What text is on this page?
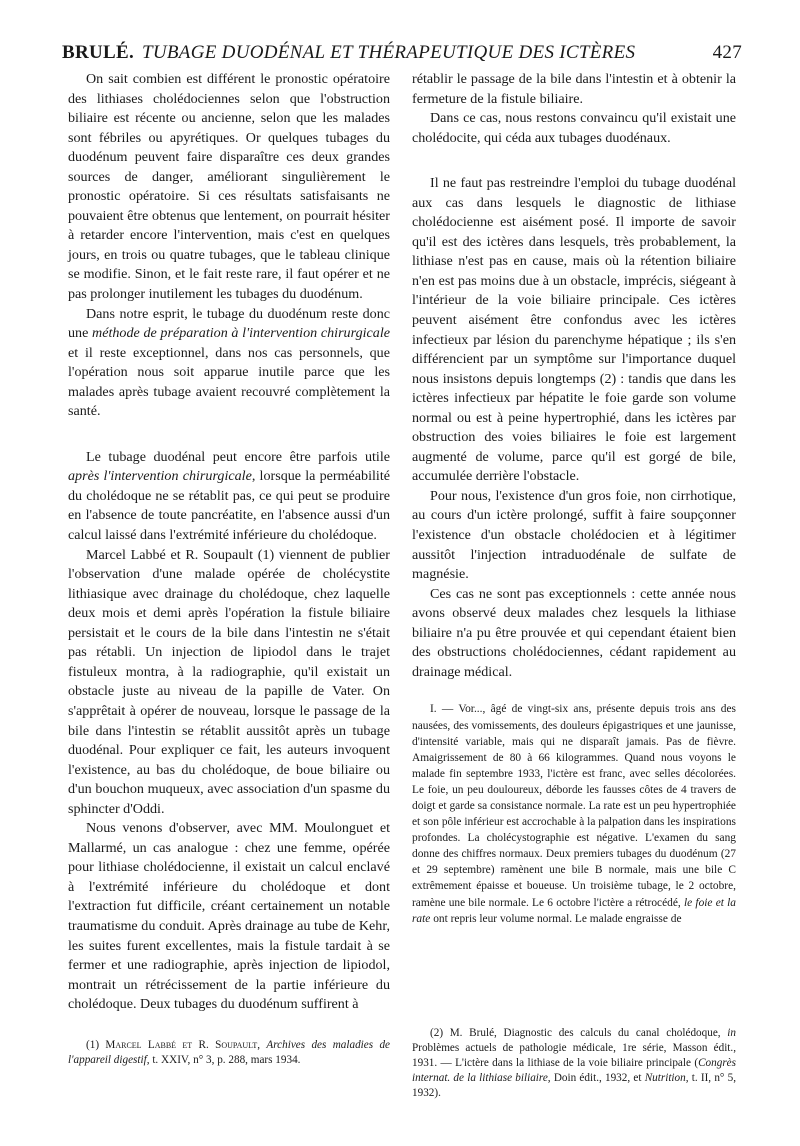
BRULÉ. TUBAGE DUODÉNAL ET THÉRAPEUTIQUE DES ICTÈRES	427

On sait combien est différent le pronostic opératoire des lithiases cholédociennes selon que l'obstruction biliaire est récente ou ancienne, selon que les malades sont fébriles ou apyrétiques. Or quelques tubages du duodénum peuvent faire disparaître ces deux grandes sources de danger, améliorant singulièrement le pronostic opératoire. Si ces résultats satisfaisants ne pouvaient être obtenus que lentement, on pourrait hésiter à retarder encore l'intervention, mais c'est en quelques jours, en trois ou quatre tubages, que le tableau clinique se modifie. Sinon, et le fait reste rare, il faut opérer et ne pas prolonger inutilement les tubages du duodénum.

Dans notre esprit, le tubage du duodénum reste donc une méthode de préparation à l'intervention chirurgicale et il reste exceptionnel, dans nos cas personnels, que l'opération nous soit apparue inutile parce que les malades après tubage avaient recouvré complètement la santé.

Le tubage duodénal peut encore être parfois utile après l'intervention chirurgicale, lorsque la perméabilité du cholédoque ne se rétablit pas, ce qui peut se produire en l'absence de toute pancréatite, en l'absence aussi d'un calcul laissé dans l'extrémité inférieure du cholédoque.

Marcel Labbé et R. Soupault (1) viennent de publier l'observation d'une malade opérée de cholécystite lithiasique avec drainage du cholédoque, chez laquelle deux mois et demi après l'opération la fistule biliaire persistait et le cours de la bile dans l'intestin ne s'était pas rétabli. Un injection de lipiodol dans le trajet fistuleux montra, à la radiographie, qu'il existait un obstacle juste au niveau de la papille de Vater. On s'apprêtait à opérer de nouveau, lorsque le passage de la bile dans l'intestin se rétablit aussitôt après un tubage duodénal. Pour expliquer ce fait, les auteurs invoquent l'existence, au bas du cholédoque, de boue biliaire ou d'un bouchon muqueux, avec association d'un spasme du sphincter d'Oddi.

Nous venons d'observer, avec MM. Moulonguet et Mallarmé, un cas analogue : chez une femme, opérée pour lithiase cholédocienne, il existait un calcul enclavé à l'extrémité inférieure du cholédoque et dont l'extraction fut difficile, créant certainement un notable traumatisme du conduit. Après drainage au tube de Kehr, les suites furent excellentes, mais la fistule tardait à se fermer et une radiographie, après injection de lipiodol, montrait un rétrécissement de la partie inférieure du cholédoque. Deux tubages du duodénum suffirent à

(1) Marcel Labbé et R. Soupault, Archives des maladies de l'appareil digestif, t. XXIV, n° 3, p. 288, mars 1934.

rétablir le passage de la bile dans l'intestin et à obtenir la fermeture de la fistule biliaire.

Dans ce cas, nous restons convaincu qu'il existait une cholédocite, qui céda aux tubages duodénaux.

Il ne faut pas restreindre l'emploi du tubage duodénal aux cas dans lesquels le diagnostic de lithiase cholédocienne est aisément posé. Il importe de savoir qu'il est des ictères dans lesquels, très probablement, la lithiase n'est pas en cause, mais où la rétention biliaire n'en est pas moins due à un obstacle, imprécis, siégeant à l'intérieur de la voie biliaire principale. Ces ictères peuvent aisément être confondus avec les ictères infectieux par lésion du parenchyme hépatique ; ils s'en différencient par un symptôme sur l'importance duquel nous insistons depuis longtemps (2) : tandis que dans les ictères infectieux par hépatite le foie garde son volume normal ou est à peine hypertrophié, dans les ictères par obstruction des voies biliaires le foie est largement augmenté de volume, parce qu'il est gorgé de bile, accumulée derrière l'obstacle.

Pour nous, l'existence d'un gros foie, non cirrhotique, au cours d'un ictère prolongé, suffit à faire soupçonner l'existence d'un obstacle cholédocien et à légitimer aussitôt l'injection intraduodénale de sulfate de magnésie.

Ces cas ne sont pas exceptionnels : cette année nous avons observé deux malades chez lesquels la lithiase biliaire n'a pu être prouvée et qui cependant étaient bien des obstructions cholédociennes, cédant rapidement au drainage médical.

I. — Vor..., âgé de vingt-six ans, présente depuis trois ans des nausées, des vomissements, des douleurs épigastriques et une jaunisse, d'intensité variable, mais qui ne disparaît jamais. Pas de fièvre. Amaigrissement de 80 à 66 kilogrammes. Quand nous voyons le malade fin septembre 1933, l'ictère est franc, avec selles décolorées. Le foie, un peu douloureux, déborde les fausses côtes de 4 travers de doigt et garde sa consistance normale. La rate est un peu hypertrophiée et son pôle inférieur est accrochable à la palpation dans les inspirations profondes. La cholécystographie est négative. L'examen du sang donne des chiffres normaux. Deux premiers tubages du duodénum (27 et 29 septembre) ramènent une bile B normale, mais une bile C extrêmement épaisse et boueuse. Un troisième tubage, le 2 octobre, ramène une bile normale. Le 6 octobre l'ictère a rétrocédé, le foie et la rate ont repris leur volume normal. Le malade engraisse de

(2) M. Brulé, Diagnostic des calculs du canal cholédoque, in Problèmes actuels de pathologie médicale, 1re série, Masson édit., 1931. — L'ictère dans la lithiase de la voie biliaire principale (Congrès internat. de la lithiase biliaire, Doin édit., 1932, et Nutrition, t. II, n° 5, 1932).
